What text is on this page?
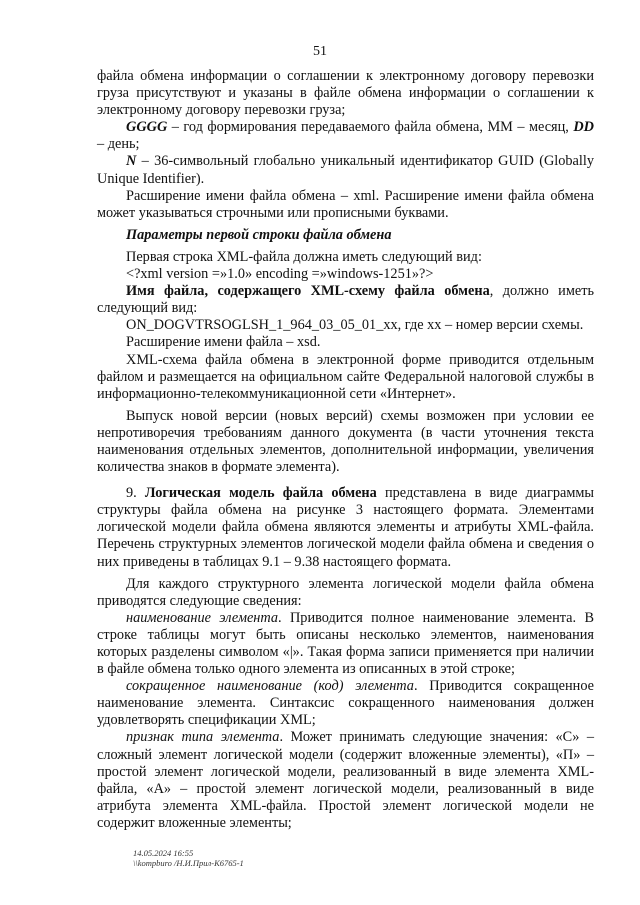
51

файла обмена информации о соглашении к электронному договору перевозки груза присутствуют и указаны в файле обмена информации о соглашении к электронному договору перевозки груза;

GGGG – год формирования передаваемого файла обмена, ММ – месяц, DD – день;

N – 36-символьный глобально уникальный идентификатор GUID (Globally Unique Identifier).

Расширение имени файла обмена – xml. Расширение имени файла обмена может указываться строчными или прописными буквами.

Параметры первой строки файла обмена

Первая строка XML-файла должна иметь следующий вид:

<?xml version =»1.0» encoding =»windows-1251»?>

Имя файла, содержащего XML-схему файла обмена, должно иметь следующий вид:

ON_DOGVTRSOGLSH_1_964_03_05_01_xx, где хх – номер версии схемы.

Расширение имени файла – xsd.

XML-схема файла обмена в электронной форме приводится отдельным файлом и размещается на официальном сайте Федеральной налоговой службы в информационно-телекоммуникационной сети «Интернет».

Выпуск новой версии (новых версий) схемы возможен при условии ее непротиворечия требованиям данного документа (в части уточнения текста наименования отдельных элементов, дополнительной информации, увеличения количества знаков в формате элемента).

9. Логическая модель файла обмена представлена в виде диаграммы структуры файла обмена на рисунке 3 настоящего формата. Элементами логической модели файла обмена являются элементы и атрибуты XML-файла. Перечень структурных элементов логической модели файла обмена и сведения о них приведены в таблицах 9.1 – 9.38 настоящего формата.

Для каждого структурного элемента логической модели файла обмена приводятся следующие сведения:

наименование элемента. Приводится полное наименование элемента. В строке таблицы могут быть описаны несколько элементов, наименования которых разделены символом «|». Такая форма записи применяется при наличии в файле обмена только одного элемента из описанных в этой строке;

сокращенное наименование (код) элемента. Приводится сокращенное наименование элемента. Синтаксис сокращенного наименования должен удовлетворять спецификации XML;

признак типа элемента. Может принимать следующие значения: «С» – сложный элемент логической модели (содержит вложенные элементы), «П» – простой элемент логической модели, реализованный в виде элемента XML-файла, «А» – простой элемент логической модели, реализованный в виде атрибута элемента XML-файла. Простой элемент логической модели не содержит вложенные элементы;

14.05.2024 16:55
\\kompburo /Н.И.Прил-К6765-1
